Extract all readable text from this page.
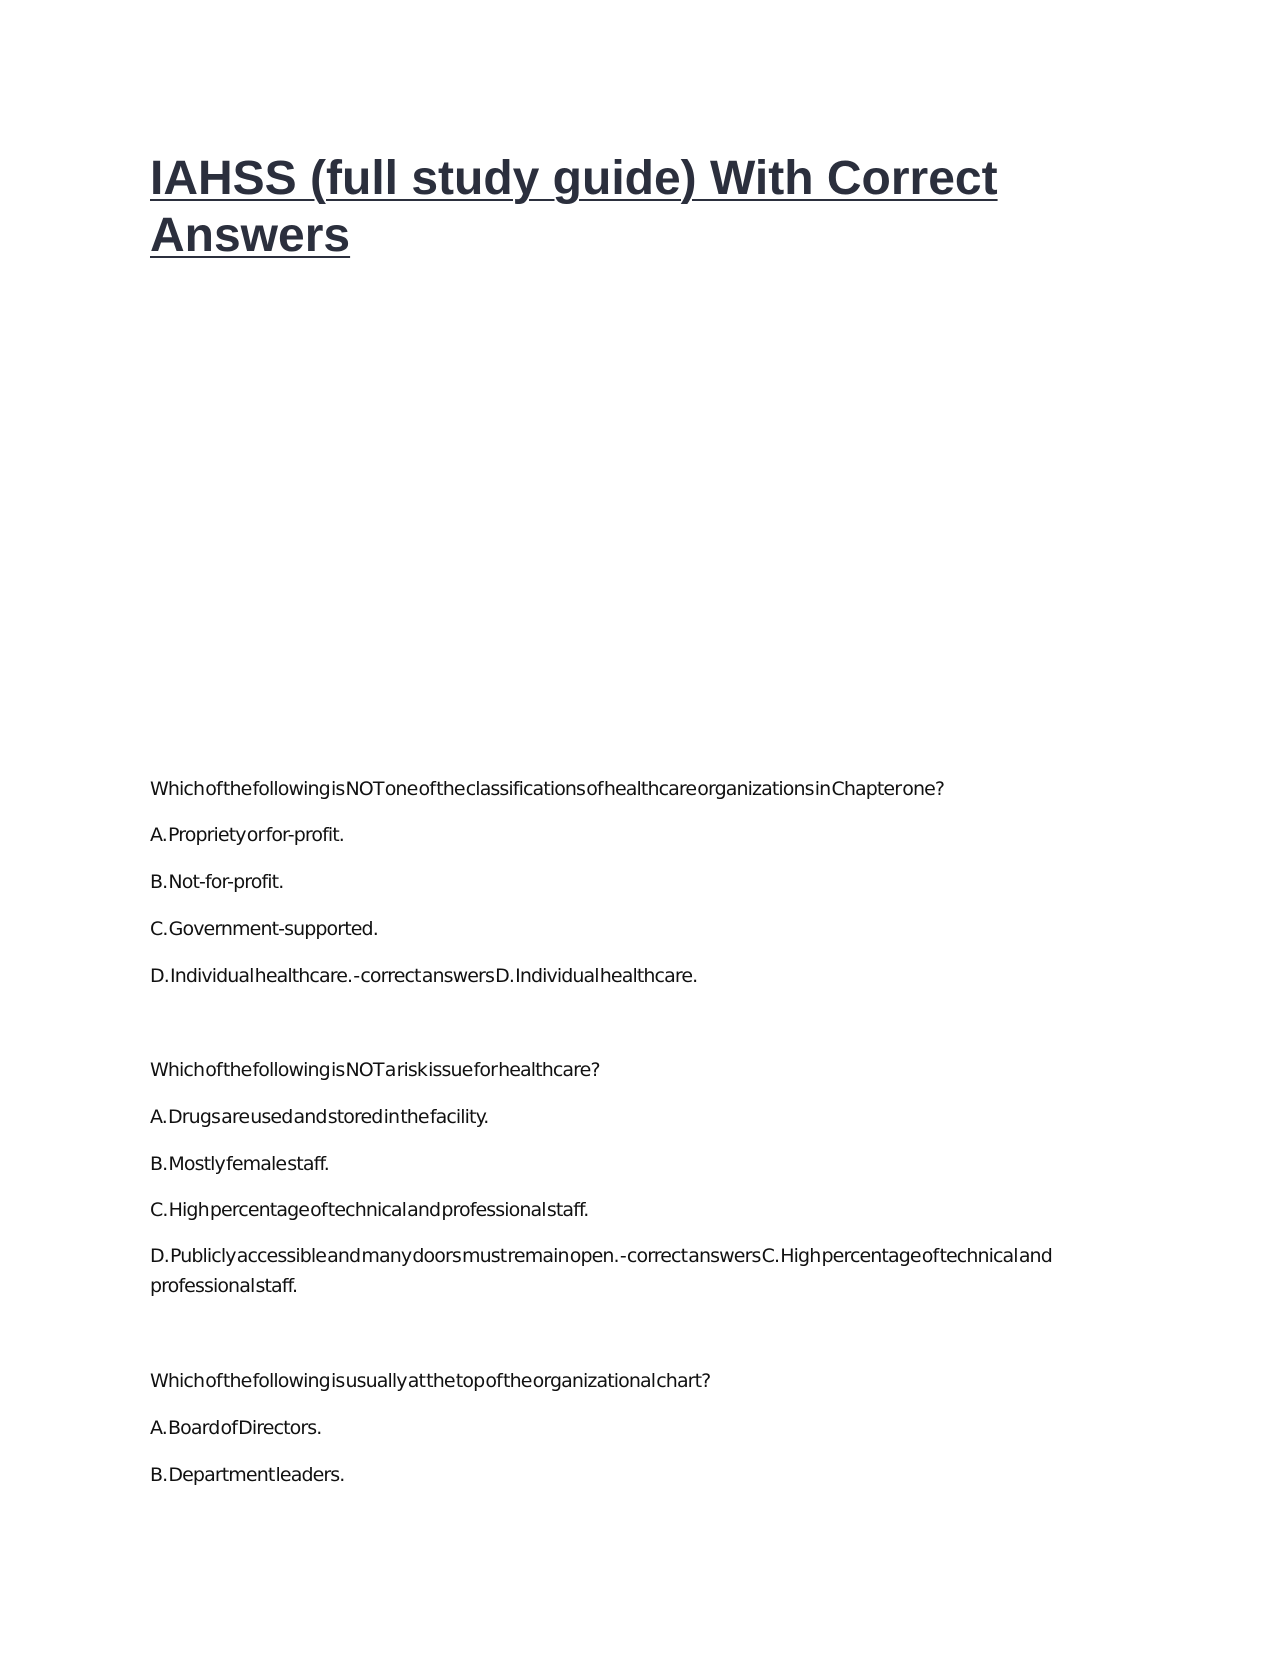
IAHSS (full study guide) With Correct Answers

Which of the following is NOT one of the classifications of healthcare organizations in Chapter one?

A. Propriety or for-profit.

B. Not-for-profit.

C. Government-supported.

D. Individual healthcare. - correct answers D. Individual healthcare.

Which of the following is NOT a risk issue for healthcare?

A. Drugs are used and stored in the facility.

B. Mostly female staff.

C. High percentage of technical and professional staff.

D. Publicly accessible and many doors must remain open. - correct answers C. High percentage of technical and professional staff.

Which of the following is usually at the top of the organizational chart?

A. Board of Directors.

B. Department leaders.
